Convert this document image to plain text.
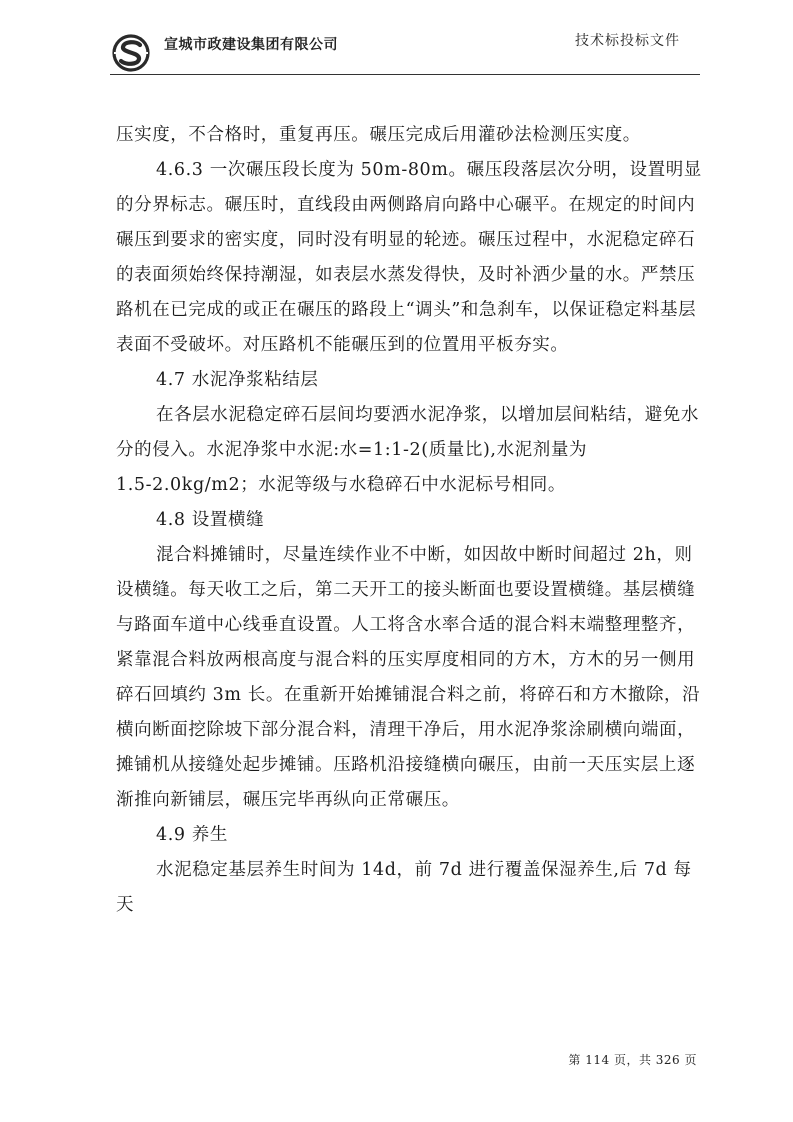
宣城市政建设集团有限公司	技术标投标文件

压实度，不合格时，重复再压。碾压完成后用灌砂法检测压实度。

4.6.3 一次碾压段长度为 50m-80m。碾压段落层次分明，设置明显的分界标志。碾压时，直线段由两侧路肩向路中心碾平。在规定的时间内碾压到要求的密实度，同时没有明显的轮迹。碾压过程中，水泥稳定碎石的表面须始终保持潮湿，如表层水蒸发得快，及时补洒少量的水。严禁压路机在已完成的或正在碾压的路段上“调头”和急刹车，以保证稳定料基层表面不受破坏。对压路机不能碾压到的位置用平板夯实。

4.7 水泥净浆粘结层

在各层水泥稳定碎石层间均要洒水泥净浆，以增加层间粘结，避免水分的侵入。水泥净浆中水泥:水=1:1-2(质量比),水泥剂量为

1.5-2.0kg/m2；水泥等级与水稳碎石中水泥标号相同。

4.8 设置横缝

混合料摊铺时，尽量连续作业不中断，如因故中断时间超过 2h，则设横缝。每天收工之后，第二天开工的接头断面也要设置横缝。基层横缝与路面车道中心线垂直设置。人工将含水率合适的混合料末端整理整齐，紧靠混合料放两根高度与混合料的压实厚度相同的方木，方木的另一侧用碎石回填约 3m 长。在重新开始摊铺混合料之前，将碎石和方木撤除，沿横向断面挖除坡下部分混合料，清理干净后，用水泥净浆涂刷横向端面，摊铺机从接缝处起步摊铺。压路机沿接缝横向碾压，由前一天压实层上逐渐推向新铺层，碾压完毕再纵向正常碾压。

4.9 养生

水泥稳定基层养生时间为 14d，前 7d 进行覆盖保湿养生,后 7d 每天

第 114 页，共 326 页
